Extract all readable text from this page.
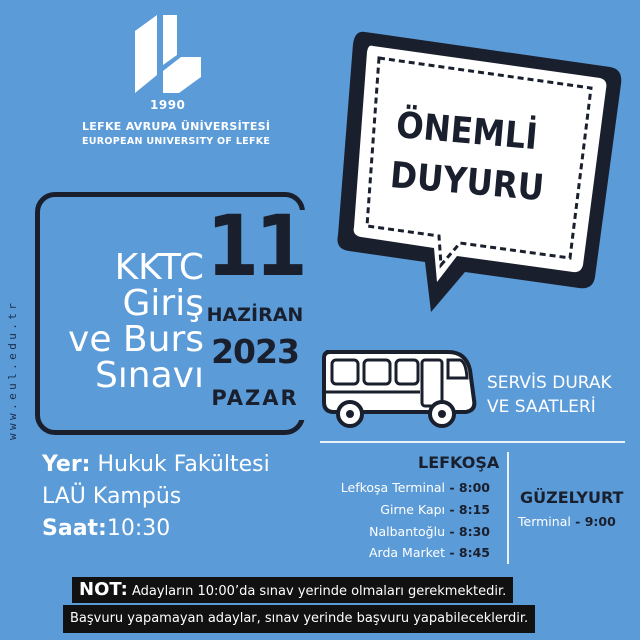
1990
LEFKE AVRUPA ÜNİVERSİTESİ
EUROPEAN UNIVERSITY OF LEFKE
www.eul.edu.tr
ÖNEMLİ
DUYURU
KKTC
Giriş
ve Burs
Sınavı
11
HAZİRAN
2023
PAZAR
SERVİS DURAK
VE SAATLERİ
Yer: Hukuk Fakültesi
LAÜ Kampüs
Saat:10:30
LEFKOŞA
Lefkoşa Terminal - 8:00
Girne Kapı - 8:15
Nalbantoğlu - 8:30
Arda Market - 8:45
GÜZELYURT
Terminal - 9:00
NOT: Adayların 10:00’da sınav yerinde olmaları gerekmektedir.
Başvuru yapamayan adaylar, sınav yerinde başvuru yapabileceklerdir.
